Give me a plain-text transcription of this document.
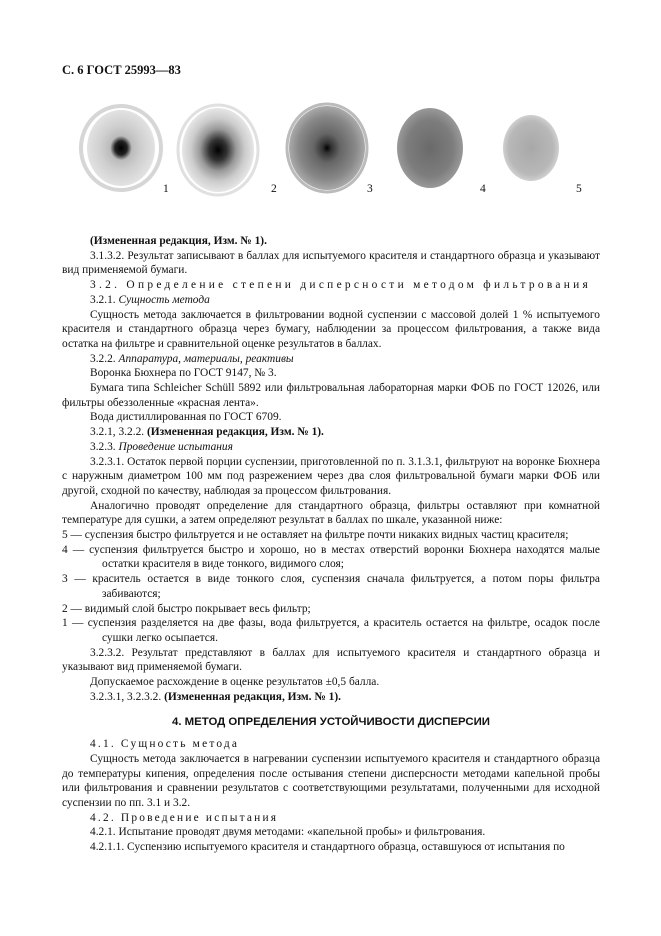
С. 6 ГОСТ 25993—83
1	2	3	4	5

(Измененная редакция, Изм. № 1).

3.1.3.2. Результат записывают в баллах для испытуемого красителя и стандартного образца и указывают вид применяемой бумаги.

3.2. Определение степени дисперсности методом фильтрования

3.2.1. Сущность метода

Сущность метода заключается в фильтровании водной суспензии с массовой долей 1 % испытуемого красителя и стандартного образца через бумагу, наблюдении за процессом фильтрования, а также вида остатка на фильтре и сравнительной оценке результатов в баллах.

3.2.2. Аппаратура, материалы, реактивы

Воронка Бюхнера по ГОСТ 9147, № 3.

Бумага типа Schleicher Schüll 5892 или фильтровальная лабораторная марки ФОБ по ГОСТ 12026, или фильтры обеззоленные «красная лента».

Вода дистиллированная по ГОСТ 6709.

3.2.1, 3.2.2. (Измененная редакция, Изм. № 1).

3.2.3. Проведение испытания

3.2.3.1. Остаток первой порции суспензии, приготовленной по п. 3.1.3.1, фильтруют на воронке Бюхнера с наружным диаметром 100 мм под разрежением через два слоя фильтровальной бумаги марки ФОБ или другой, сходной по качеству, наблюдая за процессом фильтрования.

Аналогично проводят определение для стандартного образца, фильтры оставляют при комнатной температуре для сушки, а затем определяют результат в баллах по шкале, указанной ниже:

5 — суспензия быстро фильтруется и не оставляет на фильтре почти никаких видных частиц красителя;

4 — суспензия фильтруется быстро и хорошо, но в местах отверстий воронки Бюхнера находятся малые остатки красителя в виде тонкого, видимого слоя;

3 — краситель остается в виде тонкого слоя, суспензия сначала фильтруется, а потом поры фильтра забиваются;

2 — видимый слой быстро покрывает весь фильтр;

1 — суспензия разделяется на две фазы, вода фильтруется, а краситель остается на фильтре, осадок после сушки легко осыпается.

3.2.3.2. Результат представляют в баллах для испытуемого красителя и стандартного образца и указывают вид применяемой бумаги.

Допускаемое расхождение в оценке результатов ±0,5 балла.

3.2.3.1, 3.2.3.2. (Измененная редакция, Изм. № 1).

4. МЕТОД ОПРЕДЕЛЕНИЯ УСТОЙЧИВОСТИ ДИСПЕРСИИ

4.1. Сущность метода

Сущность метода заключается в нагревании суспензии испытуемого красителя и стандартного образца до температуры кипения, определения после остывания степени дисперсности методами капельной пробы или фильтрования и сравнении результатов с соответствующими результатами, полученными для исходной суспензии по пп. 3.1 и 3.2.

4.2. Проведение испытания

4.2.1. Испытание проводят двумя методами: «капельной пробы» и фильтрования.

4.2.1.1. Суспензию испытуемого красителя и стандартного образца, оставшуюся от испытания по
